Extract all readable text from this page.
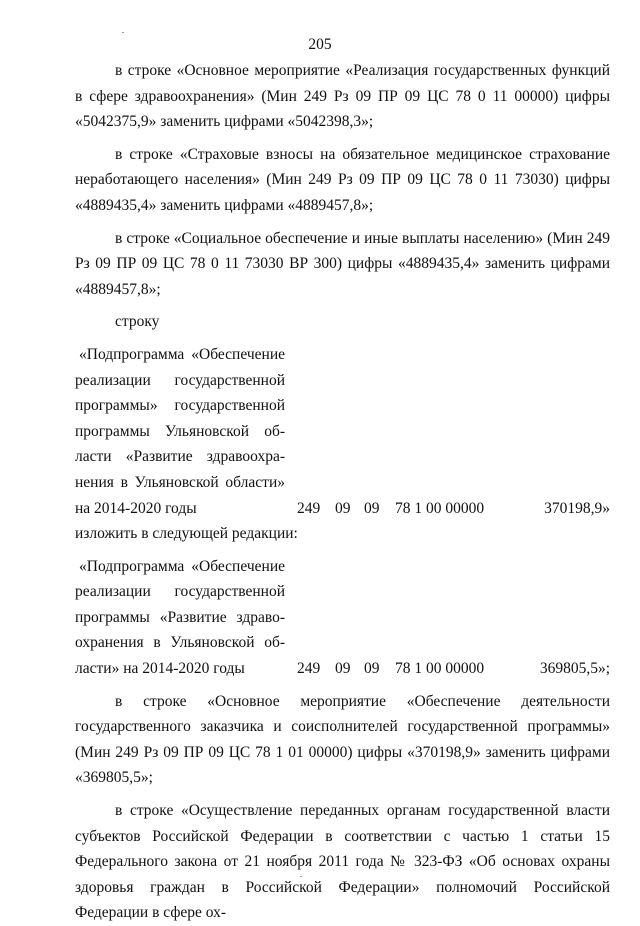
205

в строке «Основное мероприятие «Реализация государственных функций в сфере здравоохранения» (Мин 249 Рз 09 ПР 09 ЦС 78 0 11 00000) цифры «5042375,9» заменить цифрами «5042398,3»;

в строке «Страховые взносы на обязательное медицинское страхование неработающего населения» (Мин 249 Рз 09 ПР 09 ЦС 78 0 11 73030) цифры «4889435,4» заменить цифрами «4889457,8»;

в строке «Социальное обеспечение и иные выплаты населению» (Мин 249 Рз 09 ПР 09 ЦС 78 0 11 73030 ВР 300) цифры «4889435,4» заменить цифрами «4889457,8»;

строку

«Подпрограмма «Обеспечение
реализации государственной
программы» государственной
программы Ульяновской об-
ласти «Развитие здравоохра-
нения в Ульяновской области»
на 2014-2020 годы	249 09 09 78 1 00 00000	370198,9»

изложить в следующей редакции:

«Подпрограмма «Обеспечение
реализации государственной
программы «Развитие здраво-
охранения в Ульяновской об-
ласти» на 2014-2020 годы	249 09 09 78 1 00 00000	369805,5»;

в строке «Основное мероприятие «Обеспечение деятельности государственного заказчика и соисполнителей государственной программы» (Мин 249 Рз 09 ПР 09 ЦС 78 1 01 00000) цифры «370198,9» заменить цифрами «369805,5»;

в строке «Осуществление переданных органам государственной власти субъектов Российской Федерации в соответствии с частью 1 статьи 15 Федерального закона от 21 ноября 2011 года № 323-ФЗ «Об основах охраны здоровья граждан в Российской Федерации» полномочий Российской Федерации в сфере ох-
